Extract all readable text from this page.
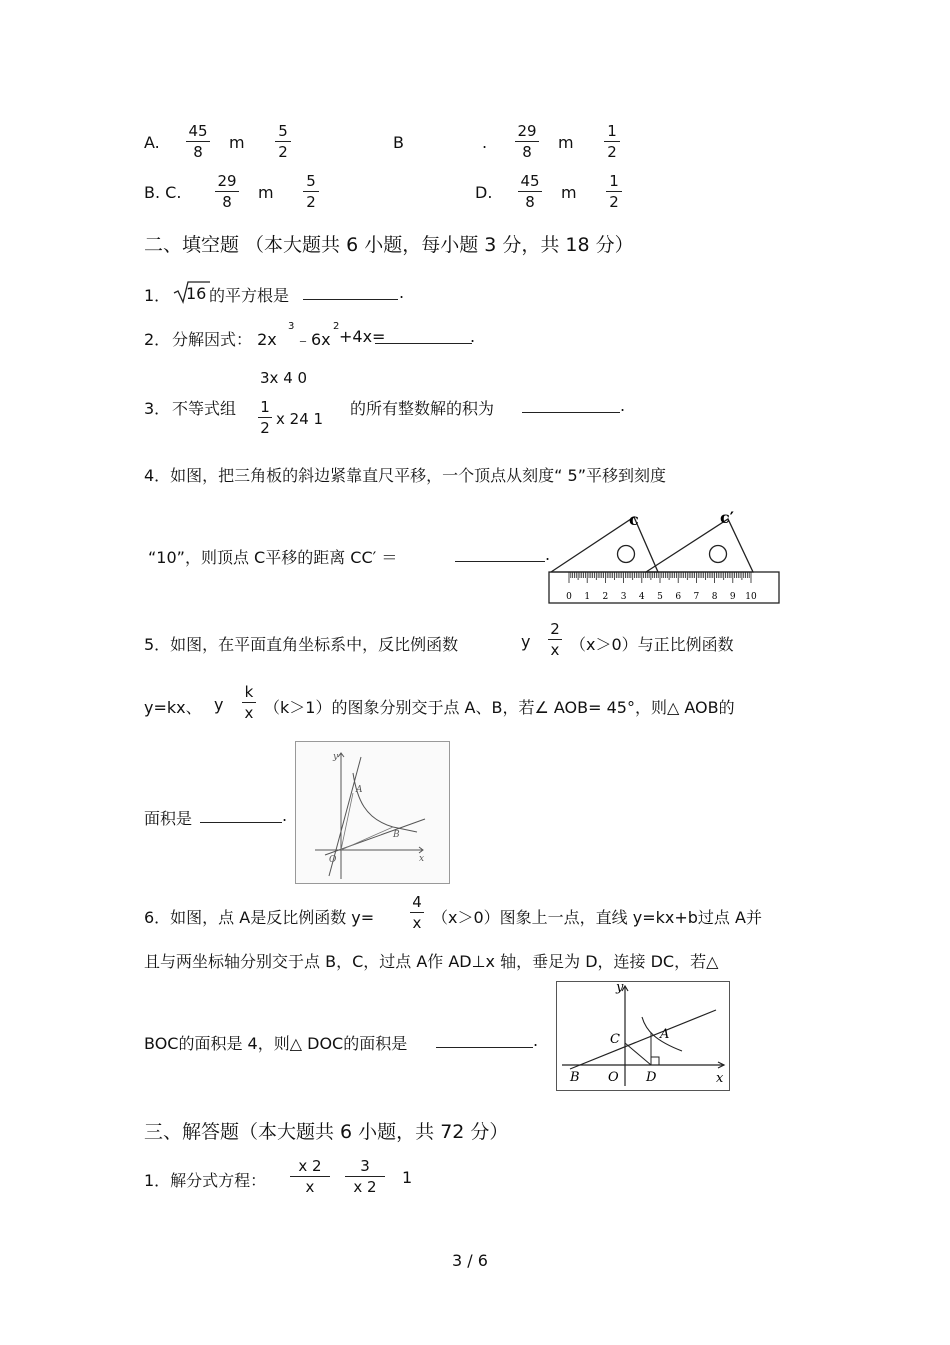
A.
45
8	m
5
2	B	.
29
8	m
1
2
B. C.
29
8	m
5
2	D.
45
8	m
1
2
二、填空题 （本大题共 6 小题，每小题 3 分，共 18 分）
1． 16 的平方根是	.
2． 分解因式： 2x
3
﹣6x
2
+4x=	.
3． 不等式组
3x 4 0
1
2 x 24 1
的所有整数解的积为	.
4．如图，把三角板的斜边紧靠直尺平移，一个顶点从刻度“ 5”平移到刻度
“10”，则顶点 C平移的距离 CC′ ＝	.
0 1 2 3 4 5 6 7 8 9 10
c	c′
5．如图，在平面直角坐标系中，反比例函数	y
2
x （x＞0）与正比例函数
y=kx、 y
k
x （k＞1）的图象分别交于点 A、B，若∠ AOB= 45°，则△ AOB的
面积是	.
y
x
A
B
O
6．如图，点 A是反比例函数 y=
4
x （x＞0）图象上一点，直线 y=kx+b过点 A并
且与两坐标轴分别交于点 B，C，过点 A作 AD⊥x 轴，垂足为 D，连接 DC，若△
BOC的面积是 4，则△ DOC的面积是	.
y
x
A
B
C
O D
三、解答题（本大题共 6 小题，共 72 分）
1．解分式方程：
x 2
x
3
x 2	1
3 / 6
